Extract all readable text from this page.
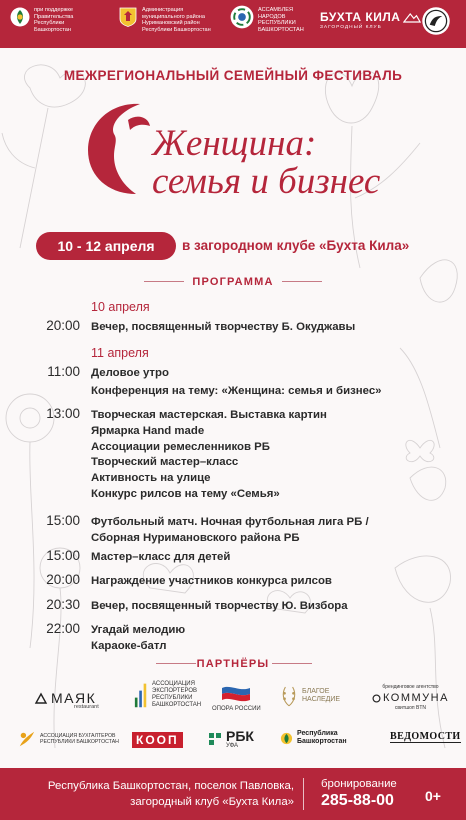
при поддержке
Правительства
Республики
Башкортостан
Администрация
муниципального района
Нуримановский район
Республики Башкортостан
АССАМБЛЕЯ
НАРОДОВ
РЕСПУБЛИКИ
БАШКОРТОСТАН
БУХТА КИЛА
ЗАГОРОДНЫЙ КЛУБ
МЕЖРЕГИОНАЛЬНЫЙ СЕМЕЙНЫЙ ФЕСТИВАЛЬ
Женщина:
семья и бизнес
10 - 12 апреля	в загородном клубе «Бухта Кила»
ПРОГРАММА
10 апреля
20:00 Вечер, посвященный творчеству Б. Окуджавы
11 апреля
11:00 Деловое утро
Конференция на тему: «Женщина: семья и бизнес»
13:00 Творческая мастерская. Выставка картин
Ярмарка Hand made
Ассоциации ремесленников РБ
Творческий мастер–класс
Активность на улице
Конкурс рилсов на тему «Семья»
15:00 Футбольный матч. Ночная футбольная лига РБ /
Сборная Нуримановского района РБ
15:00 Мастер–класс для детей
20:00 Награждение участников конкурса рилсов
20:30 Вечер, посвященный творчеству Ю. Визбора
22:00 Угадай мелодию
Караоке-батл
ПАРТНЁРЫ
МАЯК
restaurant
АССОЦИАЦИЯ
ЭКСПОРТЕРОВ
РЕСПУБЛИКИ
БАШКОРТОСТАН
ОПОРА РОССИИ
БЛАГОЕ
НАСЛЕДИЕ
брендинговое агентство
КОММУНА
свитшоп BTN
АССОЦИАЦИЯ БУХГАЛТЕРОВ
РЕСПУБЛИКИ БАШКОРТОСТАН КООП	РБК
УФА
Республика
Башкортостан	ВЕДОМОСТИ
Республика Башкортостан, поселок Павловка,
загородный клуб «Бухта Кила»
бронирование
285-88-00 0+
